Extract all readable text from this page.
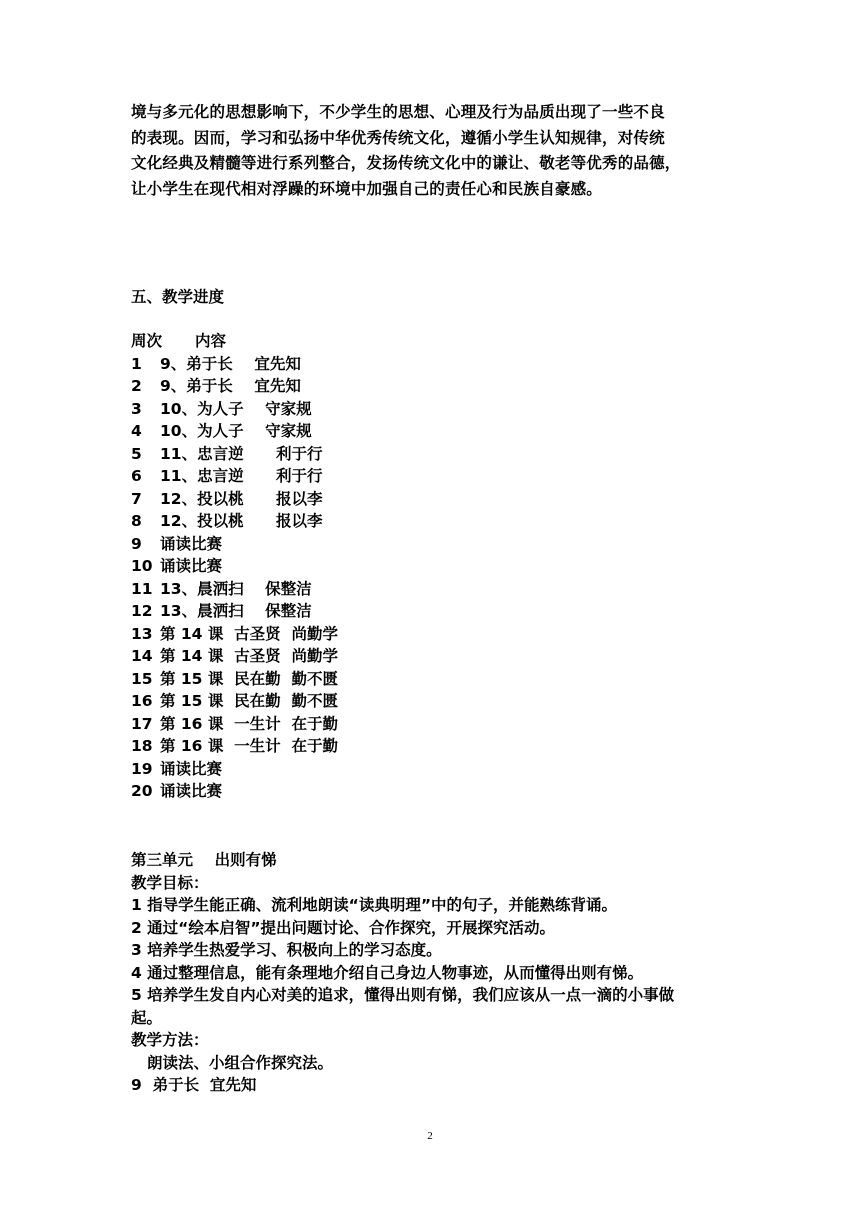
境与多元化的思想影响下，不少学生的思想、心理及行为品质出现了一些不良

的表现。因而，学习和弘扬中华优秀传统文化，遵循小学生认知规律，对传统

文化经典及精髓等进行系列整合，发扬传统文化中的谦让、敬老等优秀的品德，

让小学生在现代相对浮躁的环境中加强自己的责任心和民族自豪感。

五、教学进度
周次	内容
1	9、弟于长    宜先知
2	9、弟于长    宜先知
3	10、为人子    守家规
4	10、为人子    守家规
5	11、忠言逆      利于行
6	11、忠言逆      利于行
7	12、投以桃      报以李
8	12、投以桃      报以李
9	诵读比赛
10 诵读比赛
11 13、晨洒扫    保整洁
12 13、晨洒扫    保整洁
13 第 14 课  古圣贤  尚勤学
14 第 14 课  古圣贤  尚勤学
15 第 15 课  民在勤  勤不匮
16 第 15 课  民在勤  勤不匮
17 第 16 课  一生计  在于勤
18 第 16 课  一生计  在于勤
19 诵读比赛
20 诵读比赛
第三单元    出则有悌
教学目标：
1 指导学生能正确、流利地朗读“读典明理”中的句子，并能熟练背诵。
2 通过“绘本启智”提出问题讨论、合作探究，开展探究活动。
3 培养学生热爱学习、积极向上的学习态度。
4 通过整理信息，能有条理地介绍自己身边人物事迹，从而懂得出则有悌。
5 培养学生发自内心对美的追求，懂得出则有悌，我们应该从一点一滴的小事做
起。
教学方法：
朗读法、小组合作探究法。
9  弟于长  宜先知
2
